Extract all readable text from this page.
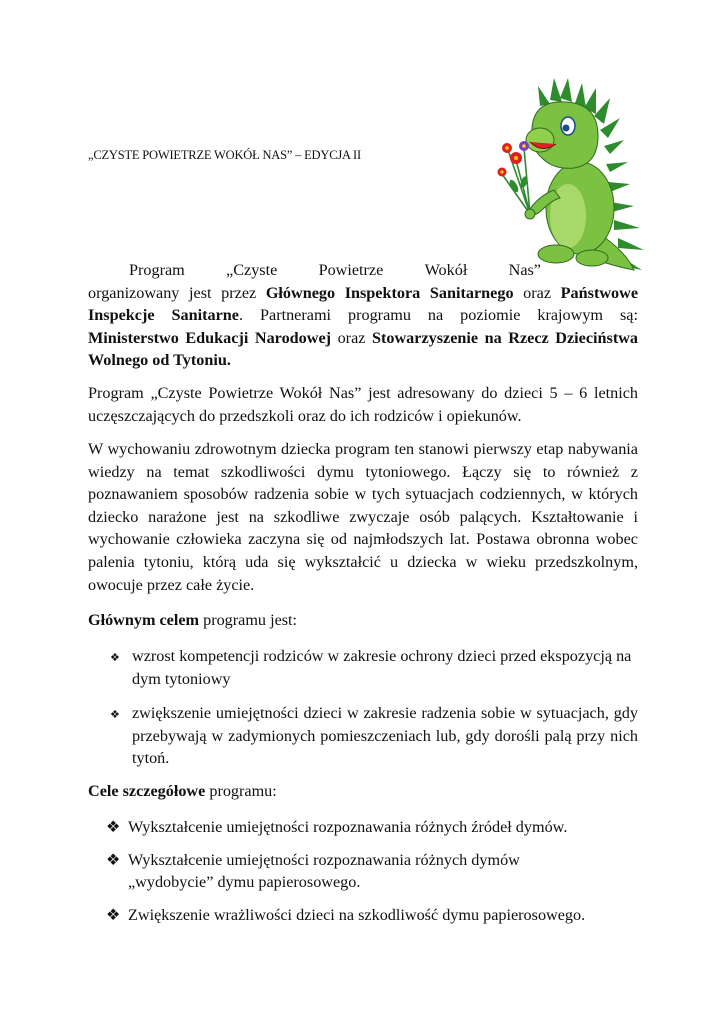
„CZYSTE POWIETRZE WOKÓŁ NAS” – EDYCJA II
Program	„Czyste	Powietrze	Wokół	Nas”
organizowany jest przez Głównego Inspektora Sanitarnego oraz Państwowe Inspekcje Sanitarne. Partnerami programu na poziomie krajowym są: Ministerstwo Edukacji Narodowej oraz Stowarzyszenie na Rzecz Dzieciństwa Wolnego od Tytoniu.
Program „Czyste Powietrze Wokół Nas” jest adresowany do dzieci 5 – 6 letnich uczęszczających do przedszkoli oraz do ich rodziców i opiekunów.
W wychowaniu zdrowotnym dziecka program ten stanowi pierwszy etap nabywania wiedzy na temat szkodliwości dymu tytoniowego. Łączy się to również z poznawaniem sposobów radzenia sobie w tych sytuacjach codziennych, w których dziecko narażone jest na szkodliwe zwyczaje osób palących. Kształtowanie i wychowanie człowieka zaczyna się od najmłodszych lat. Postawa obronna wobec palenia tytoniu, którą uda się wykształcić u dziecka w wieku przedszkolnym, owocuje przez całe życie.
Głównym celem programu jest:
❖ wzrost kompetencji rodziców w zakresie ochrony dzieci przed ekspozycją na dym tytoniowy
❖ zwiększenie umiejętności dzieci w zakresie radzenia sobie w sytuacjach, gdy przebywają w zadymionych pomieszczeniach lub, gdy dorośli palą przy nich tytoń.
Cele szczegółowe programu:
❖ Wykształcenie umiejętności rozpoznawania różnych źródeł dymów.
❖ Wykształcenie umiejętności rozpoznawania różnych dymów „wydobycie” dymu papierosowego.
❖ Zwiększenie wrażliwości dzieci na szkodliwość dymu papierosowego.
